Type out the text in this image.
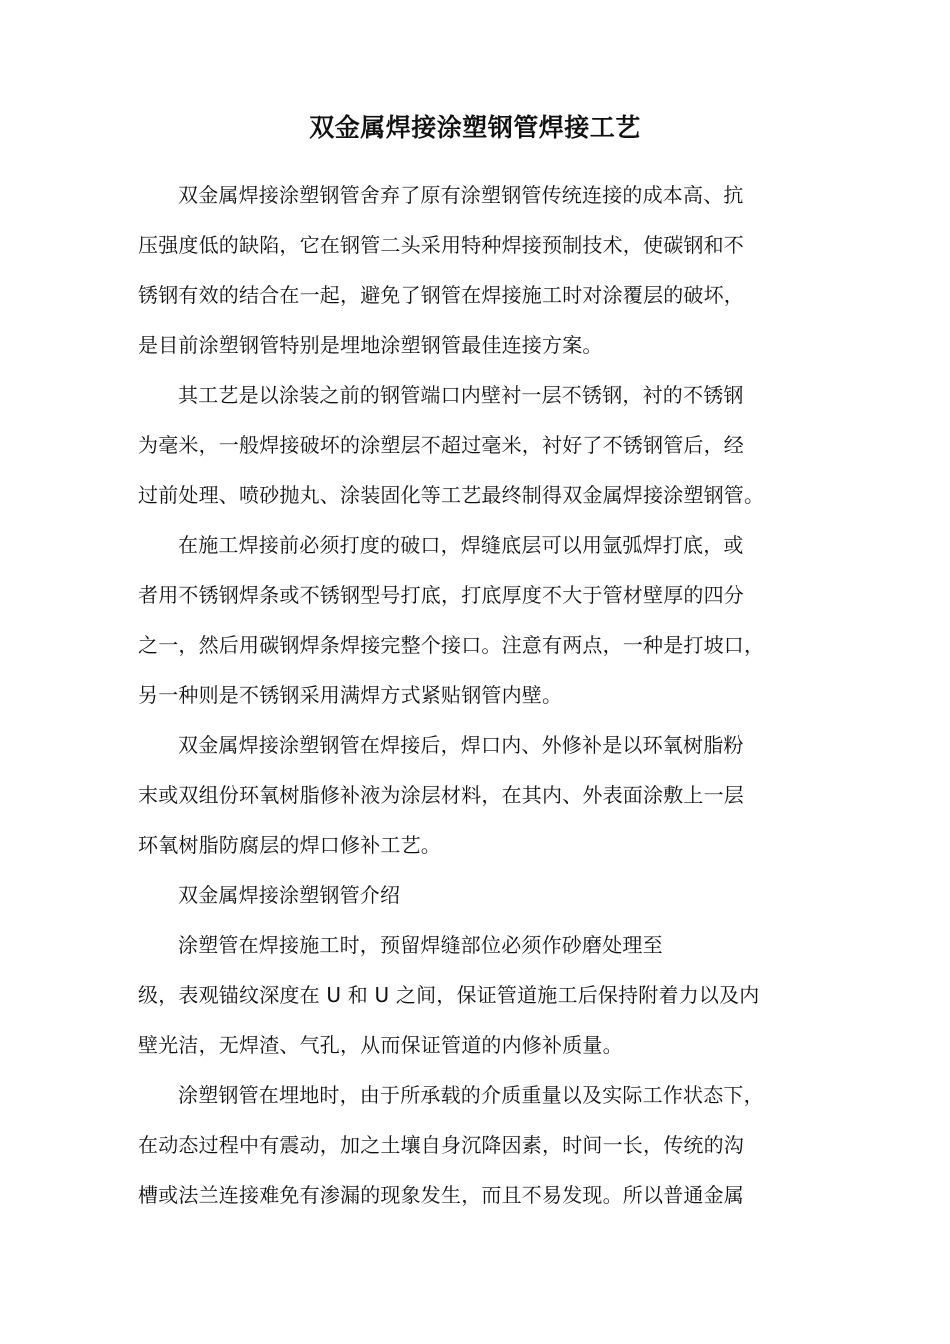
双金属焊接涂塑钢管焊接工艺

双金属焊接涂塑钢管舍弃了原有涂塑钢管传统连接的成本高、抗
压强度低的缺陷，它在钢管二头采用特种焊接预制技术，使碳钢和不
锈钢有效的结合在一起，避免了钢管在焊接施工时对涂覆层的破坏，
是目前涂塑钢管特别是埋地涂塑钢管最佳连接方案。

其工艺是以涂装之前的钢管端口内壁衬一层不锈钢，衬的不锈钢
为毫米，一般焊接破坏的涂塑层不超过毫米，衬好了不锈钢管后，经
过前处理、喷砂抛丸、涂装固化等工艺最终制得双金属焊接涂塑钢管。

在施工焊接前必须打度的破口，焊缝底层可以用氩弧焊打底，或
者用不锈钢焊条或不锈钢型号打底，打底厚度不大于管材壁厚的四分
之一，然后用碳钢焊条焊接完整个接口。注意有两点，一种是打坡口，
另一种则是不锈钢采用满焊方式紧贴钢管内壁。

双金属焊接涂塑钢管在焊接后，焊口内、外修补是以环氧树脂粉
末或双组份环氧树脂修补液为涂层材料，在其内、外表面涂敷上一层
环氧树脂防腐层的焊口修补工艺。

双金属焊接涂塑钢管介绍

涂塑管在焊接施工时，预留焊缝部位必须作砂磨处理至
级，表观锚纹深度在 U 和 U 之间，保证管道施工后保持附着力以及内
壁光洁，无焊渣、气孔，从而保证管道的内修补质量。

涂塑钢管在埋地时，由于所承载的介质重量以及实际工作状态下，
在动态过程中有震动，加之土壤自身沉降因素，时间一长，传统的沟
槽或法兰连接难免有渗漏的现象发生，而且不易发现。所以普通金属
